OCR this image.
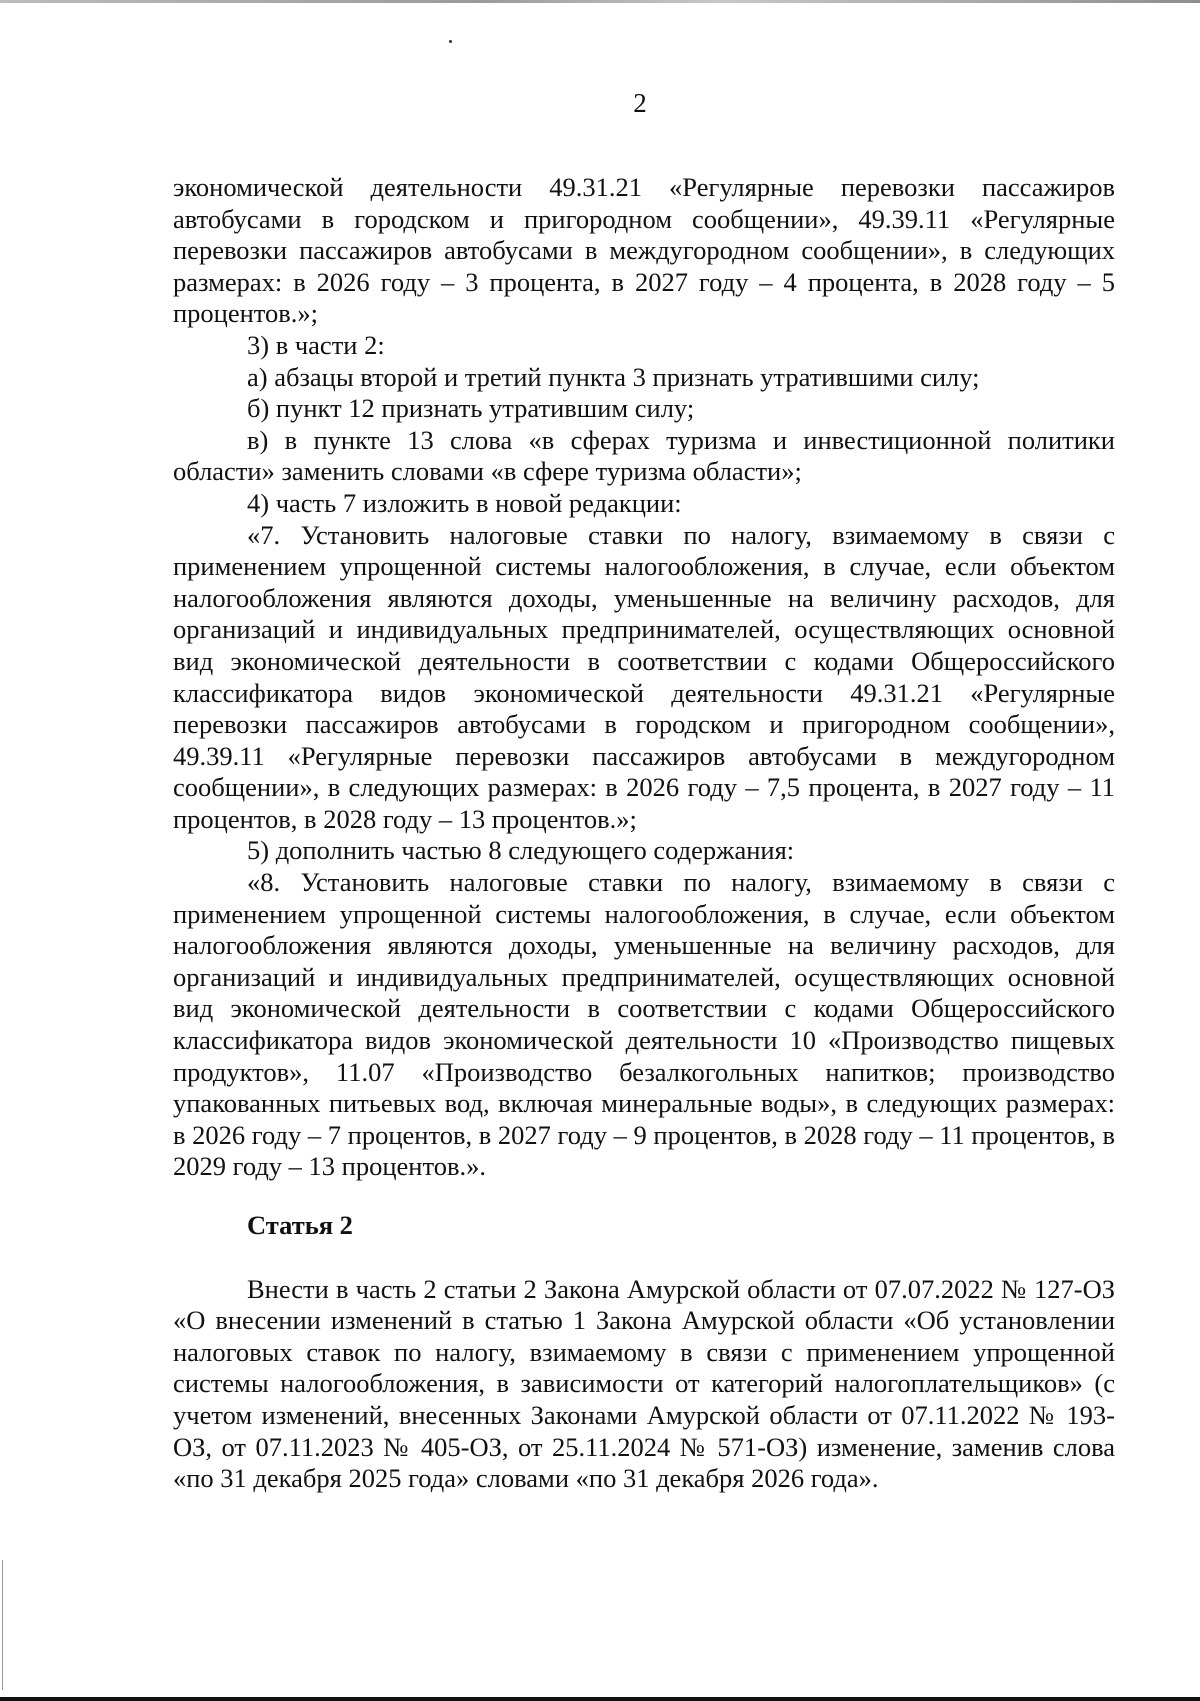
2

экономической деятельности 49.31.21 «Регулярные перевозки пассажиров автобусами в городском и пригородном сообщении», 49.39.11 «Регулярные перевозки пассажиров автобусами в междугородном сообщении», в следующих размерах: в 2026 году – 3 процента, в 2027 году – 4 процента, в 2028 году – 5 процентов.»;

3) в части 2:

а) абзацы второй и третий пункта 3 признать утратившими силу;

б) пункт 12 признать утратившим силу;

в) в пункте 13 слова «в сферах туризма и инвестиционной политики области» заменить словами «в сфере туризма области»;

4) часть 7 изложить в новой редакции:

«7. Установить налоговые ставки по налогу, взимаемому в связи с применением упрощенной системы налогообложения, в случае, если объектом налогообложения являются доходы, уменьшенные на величину расходов, для организаций и индивидуальных предпринимателей, осуществляющих основной вид экономической деятельности в соответствии с кодами Общероссийского классификатора видов экономической деятельности 49.31.21 «Регулярные перевозки пассажиров автобусами в городском и пригородном сообщении», 49.39.11 «Регулярные перевозки пассажиров автобусами в междугородном сообщении», в следующих размерах: в 2026 году – 7,5 процента, в 2027 году – 11 процентов, в 2028 году – 13 процентов.»;

5) дополнить частью 8 следующего содержания:

«8. Установить налоговые ставки по налогу, взимаемому в связи с применением упрощенной системы налогообложения, в случае, если объектом налогообложения являются доходы, уменьшенные на величину расходов, для организаций и индивидуальных предпринимателей, осуществляющих основной вид экономической деятельности в соответствии с кодами Общероссийского классификатора видов экономической деятельности 10 «Производство пищевых продуктов», 11.07 «Производство безалкогольных напитков; производство упакованных питьевых вод, включая минеральные воды», в следующих размерах: в 2026 году – 7 процентов, в 2027 году – 9 процентов, в 2028 году – 11 процентов, в 2029 году – 13 процентов.».

Статья 2

Внести в часть 2 статьи 2 Закона Амурской области от 07.07.2022 № 127-ОЗ «О внесении изменений в статью 1 Закона Амурской области «Об установлении налоговых ставок по налогу, взимаемому в связи с применением упрощенной системы налогообложения, в зависимости от категорий налогоплательщиков» (с учетом изменений, внесенных Законами Амурской области от 07.11.2022 № 193-ОЗ, от 07.11.2023 № 405-ОЗ, от 25.11.2024 № 571-ОЗ) изменение, заменив слова «по 31 декабря 2025 года» словами «по 31 декабря 2026 года».
